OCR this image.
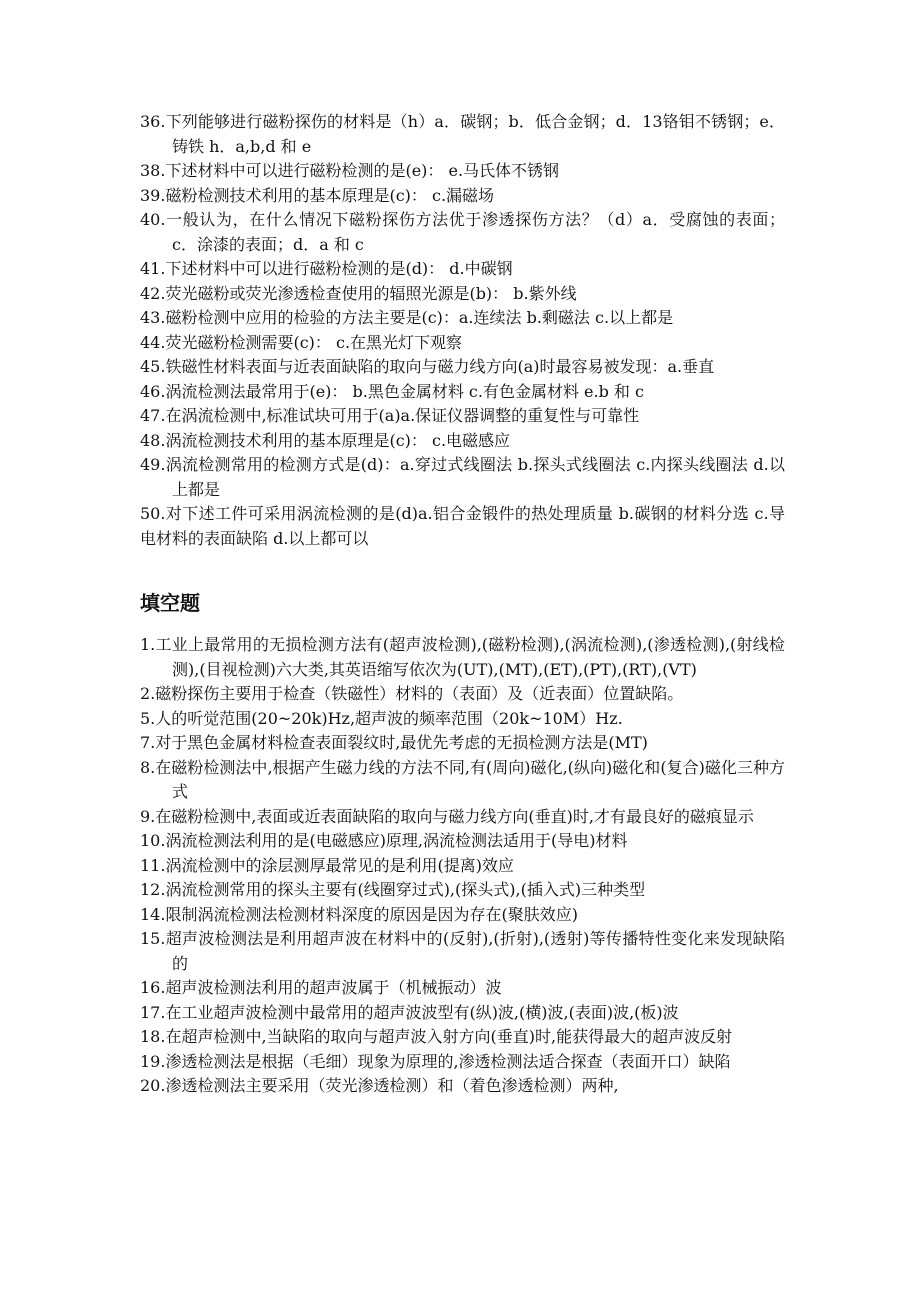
36.下列能够进行磁粉探伤的材料是（h）a．碳钢；b．低合金钢；d．13铬钼不锈钢；e．铸铁 h．a,b,d 和 e

38.下述材料中可以进行磁粉检测的是(e)： e.马氏体不锈钢

39.磁粉检测技术利用的基本原理是(c)： c.漏磁场

40.一般认为，在什么情况下磁粉探伤方法优于渗透探伤方法？（d）a．受腐蚀的表面； c．涂漆的表面；d．a 和 c

41.下述材料中可以进行磁粉检测的是(d)： d.中碳钢

42.荧光磁粉或荧光渗透检查使用的辐照光源是(b)： b.紫外线

43.磁粉检测中应用的检验的方法主要是(c)：a.连续法 b.剩磁法 c.以上都是

44.荧光磁粉检测需要(c)： c.在黑光灯下观察

45.铁磁性材料表面与近表面缺陷的取向与磁力线方向(a)时最容易被发现：a.垂直

46.涡流检测法最常用于(e)： b.黑色金属材料 c.有色金属材料 e.b 和 c

47.在涡流检测中,标准试块可用于(a)a.保证仪器调整的重复性与可靠性

48.涡流检测技术利用的基本原理是(c)： c.电磁感应

49.涡流检测常用的检测方式是(d)：a.穿过式线圈法 b.探头式线圈法 c.内探头线圈法 d.以上都是

50.对下述工件可采用涡流检测的是(d)a.铝合金锻件的热处理质量 b.碳钢的材料分选 c.导电材料的表面缺陷 d.以上都可以

填空题

1.工业上最常用的无损检测方法有(超声波检测),(磁粉检测),(涡流检测),(渗透检测),(射线检测),(目视检测)六大类,其英语缩写依次为(UT),(MT),(ET),(PT),(RT),(VT)

2.磁粉探伤主要用于检查（铁磁性）材料的（表面）及（近表面）位置缺陷。

5.人的听觉范围(20~20k)Hz,超声波的频率范围（20k~10M）Hz.

7.对于黑色金属材料检查表面裂纹时,最优先考虑的无损检测方法是(MT)

8.在磁粉检测法中,根据产生磁力线的方法不同,有(周向)磁化,(纵向)磁化和(复合)磁化三种方式

9.在磁粉检测中,表面或近表面缺陷的取向与磁力线方向(垂直)时,才有最良好的磁痕显示

10.涡流检测法利用的是(电磁感应)原理,涡流检测法适用于(导电)材料

11.涡流检测中的涂层测厚最常见的是利用(提离)效应

12.涡流检测常用的探头主要有(线圈穿过式),(探头式),(插入式)三种类型

14.限制涡流检测法检测材料深度的原因是因为存在(聚肤效应)

15.超声波检测法是利用超声波在材料中的(反射),(折射),(透射)等传播特性变化来发现缺陷的

16.超声波检测法利用的超声波属于（机械振动）波

17.在工业超声波检测中最常用的超声波波型有(纵)波,(横)波,(表面)波,(板)波

18.在超声检测中,当缺陷的取向与超声波入射方向(垂直)时,能获得最大的超声波反射

19.渗透检测法是根据（毛细）现象为原理的,渗透检测法适合探查（表面开口）缺陷

20.渗透检测法主要采用（荧光渗透检测）和（着色渗透检测）两种,
